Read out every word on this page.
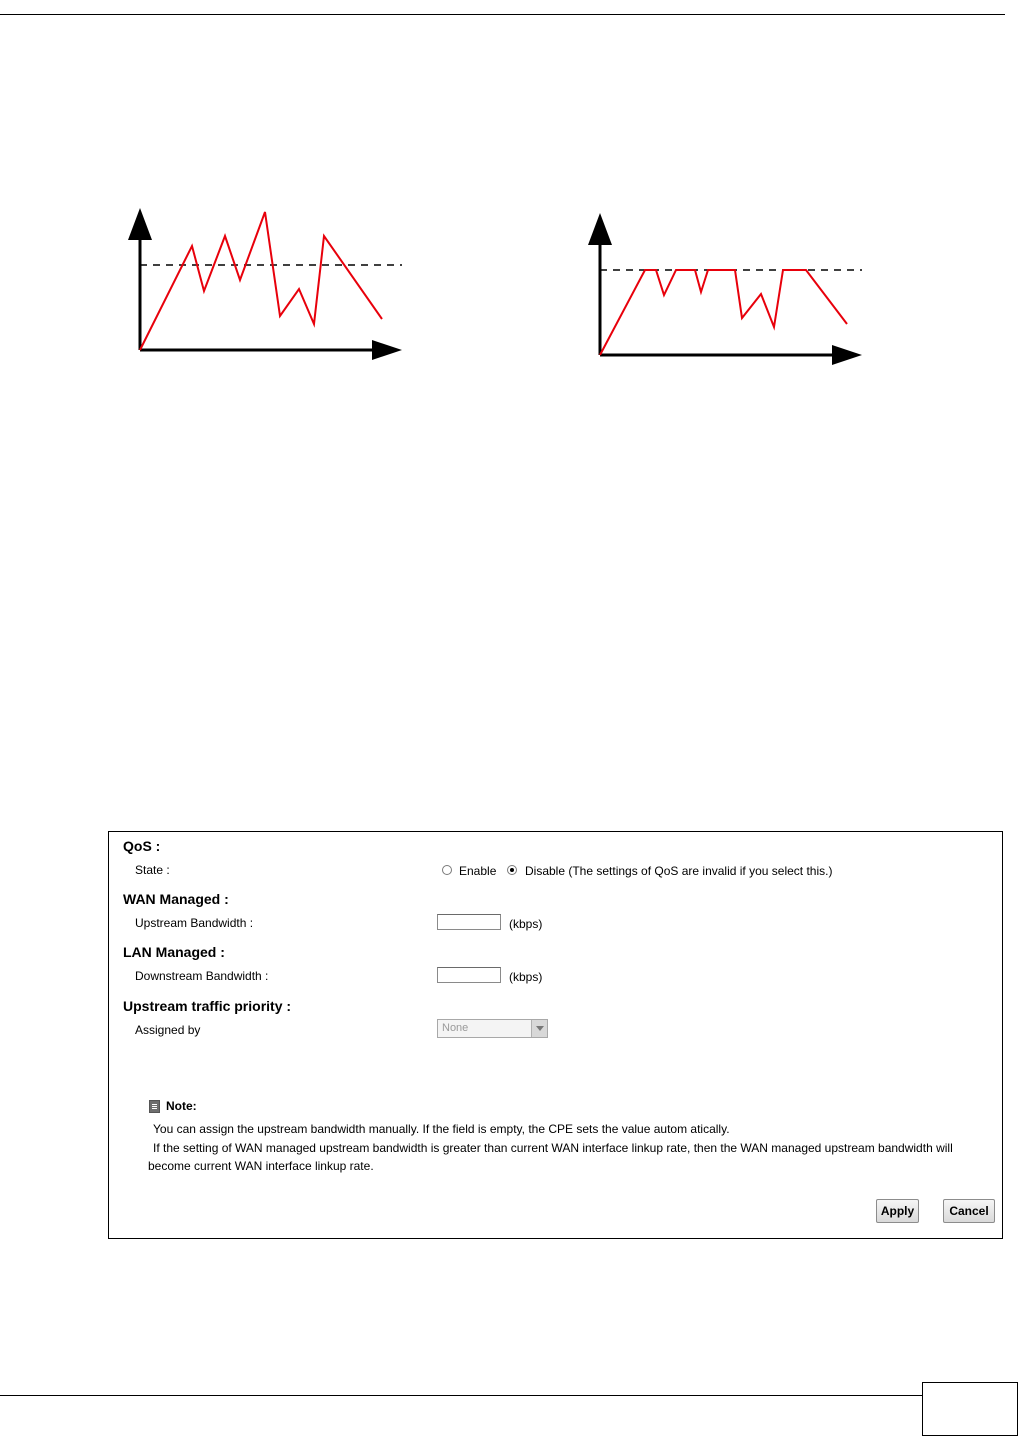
QoS :
State :	Enable Disable (The settings of QoS are invalid if you select this.)
WAN Managed :
Upstream Bandwidth :	(kbps)
LAN Managed :
Downstream Bandwidth :	(kbps)
Upstream traffic priority :
Assigned by	None
Note:
You can assign the upstream bandwidth manually. If the field is empty, the CPE sets the value autom atically.
If the setting of WAN managed upstream bandwidth is greater than current WAN interface linkup rate, then the WAN managed upstream bandwidth will
become current WAN interface linkup rate.
Apply	Cancel
